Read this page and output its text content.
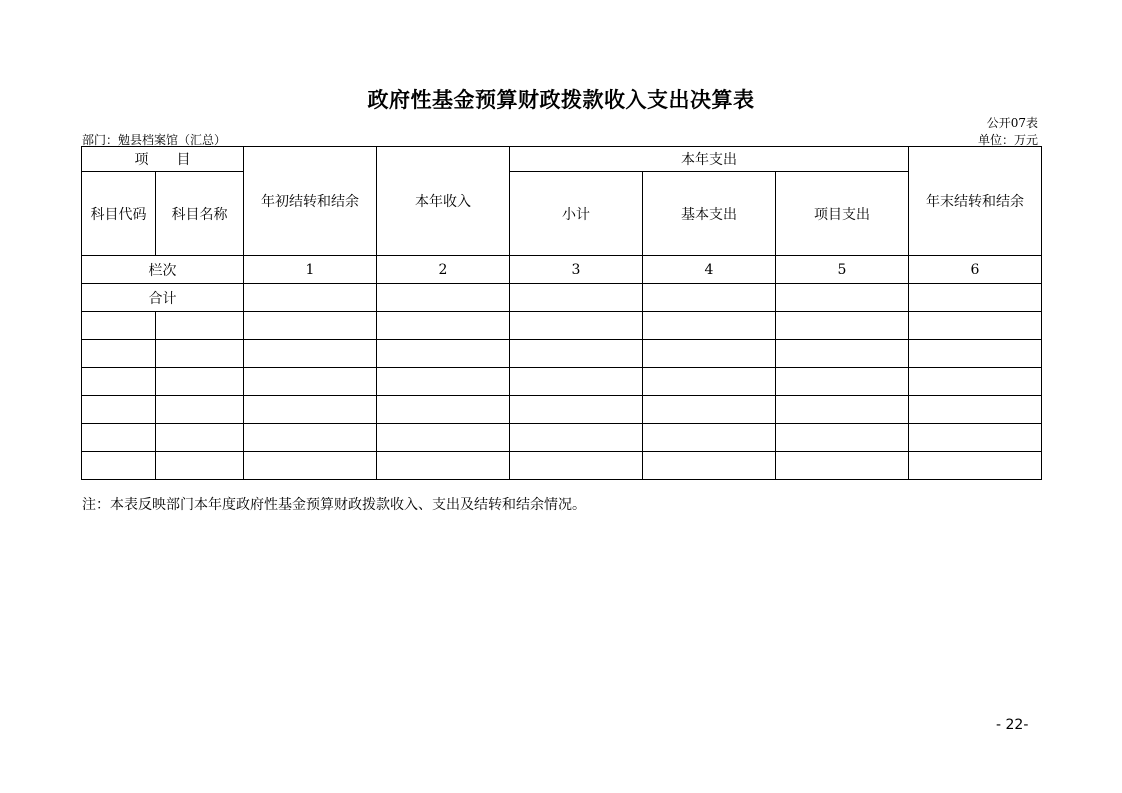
政府性基金预算财政拨款收入支出决算表
公开07表
部门：勉县档案馆（汇总）	单位：万元
项　　目		年初结转和结余	本年收入	本年支出			年末结转和结余
科目代码	科目名称			小计	基本支出	项目支出	
栏次		1	2	3	4	5	6
合计							

注：本表反映部门本年度政府性基金预算财政拨款收入、支出及结转和结余情况。
- 22-
